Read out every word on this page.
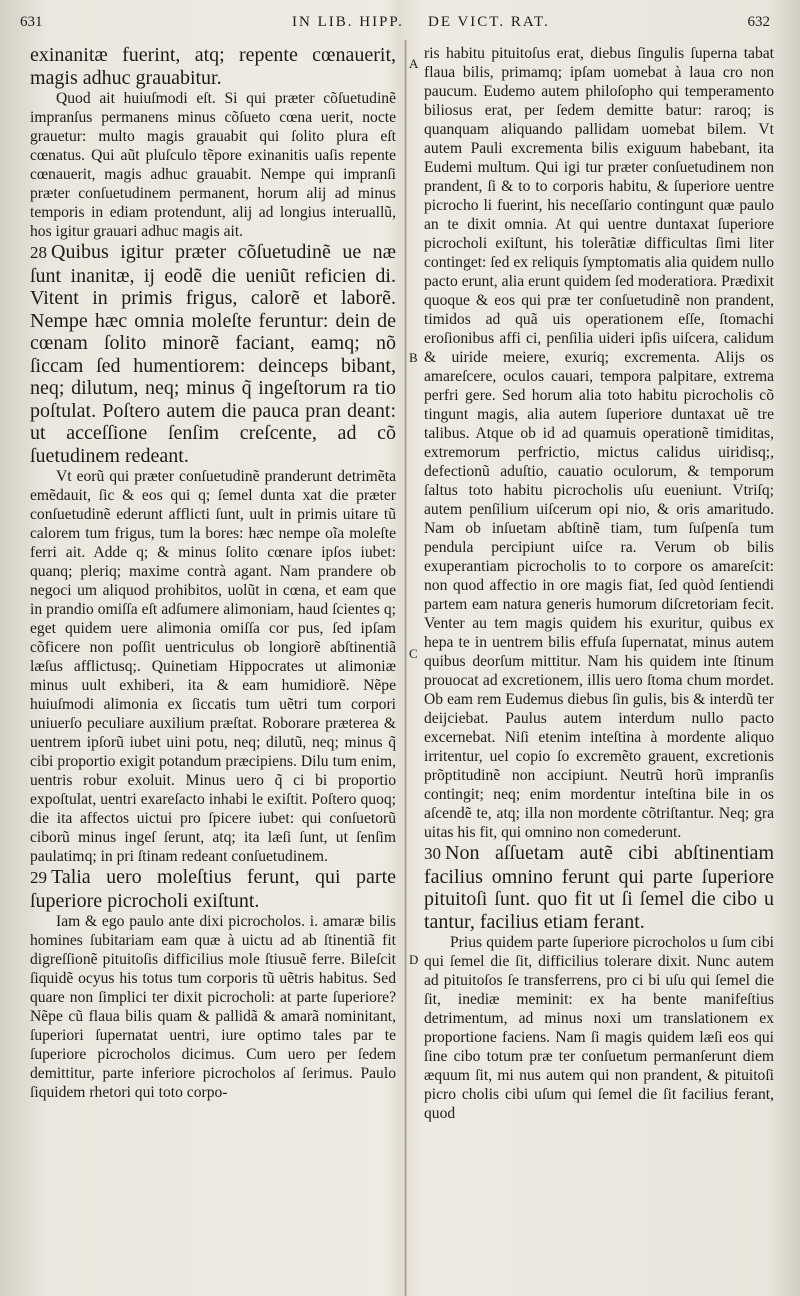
631	IN LIB. HIPP. DE VICT. RAT.	632
A
B
C
D

exinanitæ fuerint, atq; repente cœnauerit, magis adhuc grauabitur.

Quod ait huiuſmodi eſt. Si qui præter cõſuetudinẽ impranſus permanens minus cõſueto cœna uerit, nocte grauetur: multo magis grauabit qui ſolito plura eſt cœnatus. Qui aũt pluſculo tẽpore exinanitis uaſis repente cœnauerit, magis adhuc grauabit. Nempe qui impranſi præter conſuetudinem permanent, horum alij ad minus temporis in ediam protendunt, alij ad longius interuallũ, hos igitur grauari adhuc magis ait.

28 Quibus igitur præter cõſuetudinẽ ue næ ſunt inanitæ, ij eodẽ die ueniũt reficien di. Vitent in primis frigus, calorẽ et laborẽ. Nempe hæc omnia moleſte feruntur: dein de cœnam ſolito minorẽ faciant, eamq; nõ ſiccam ſed humentiorem: deinceps bibant, neq; dilutum, neq; minus q̃ ingeſtorum ra tio poſtulat. Poſtero autem die pauca pran deant: ut acceſſione ſenſim creſcente, ad cõ ſuetudinem redeant.

Vt eorũ qui præter conſuetudinẽ pranderunt detrimẽta emẽdauit, ſic & eos qui q; ſemel dunta xat die præter conſuetudinẽ ederunt afflicti ſunt, uult in primis uitare tũ calorem tum frigus, tum la bores: hæc nempe oĩa moleſte ferri ait. Adde q; & minus ſolito cœnare ipſos iubet: quanq; pleriq; maxime contrà agant. Nam prandere ob negoci um aliquod prohibitos, uolũt in cœna, et eam que in prandio omiſſa eſt adſumere alimoniam, haud ſcientes q; eget quidem uere alimonia omiſſa cor pus, ſed ipſam cõficere non poſſit uentriculus ob longiorẽ abſtinentiã læſus afflictusq;. Quinetiam Hippocrates ut alimoniæ minus uult exhiberi, ita & eam humidiorẽ. Nẽpe huiuſmodi alimonia ex ſiccatis tum uẽtri tum corpori uniuerſo peculiare auxilium præſtat. Roborare præterea & uentrem ipſorũ iubet uini potu, neq; dilutũ, neq; minus q̃ cibi proportio exigit potandum præcipiens. Dilu tum enim, uentris robur exoluit. Minus uero q̃ ci bi proportio expoſtulat, uentri exareſacto inhabi le exiſtit. Poſtero quoq; die ita affectos uictui pro ſpicere iubet: qui conſuetorũ ciborũ minus ingeſ ſerunt, atq; ita læſi ſunt, ut ſenſim paulatimq; in pri ſtinam redeant conſuetudinem.

29 Talia uero moleſtius ferunt, qui parte ſuperiore picrocholi exiſtunt.

Iam & ego paulo ante dixi picrocholos. i. amaræ bilis homines ſubitariam eam quæ à uictu ad ab ſtinentiã fit digreſſionẽ pituitoſis difficilius mole ſtiusuẽ ferre. Bileſcit ſiquidẽ ocyus his totus tum corporis tũ uẽtris habitus. Sed quare non ſimplici ter dixit picrocholi: at parte ſuperiore? Nẽpe cũ flaua bilis quam & pallidã & amarã nominitant, ſuperiori ſupernatat uentri, iure optimo tales par te ſuperiore picrocholos dicimus. Cum uero per ſedem demittitur, parte inferiore picrocholos aſ ſerimus. Paulo ſiquidem rhetori qui toto corpo-

ris habitu pituitoſus erat, diebus ſingulis ſuperna tabat flaua bilis, primamq; ipſam uomebat à laua cro non paucum. Eudemo autem philoſopho qui temperamento biliosus erat, per ſedem demitte batur: raroq; is quanquam aliquando pallidam uomebat bilem. Vt autem Pauli excrementa bilis exiguum habebant, ita Eudemi multum. Qui igi tur præter conſuetudinem non prandent, ſi & to to corporis habitu, & ſuperiore uentre picrocho li fuerint, his neceſſario contingunt quæ paulo an te dixit omnia. At qui uentre duntaxat ſuperiore picrocholi exiſtunt, his tolerãtiæ difficultas ſimi liter continget: ſed ex reliquis ſymptomatis alia quidem nullo pacto erunt, alia erunt quidem ſed moderatiora. Prædixit quoque & eos qui præ ter conſuetudinẽ non prandent, timidos ad quã uis operationem eſſe, ſtomachi eroſionibus affi ci, penſilia uideri ipſis uiſcera, calidum & uiride meiere, exuriq; excrementa. Alijs os amareſcere, oculos cauari, tempora palpitare, extrema perfri gere. Sed horum alia toto habitu picrocholis cõ tingunt magis, alia autem ſuperiore duntaxat uẽ tre talibus. Atque ob id ad quamuis operationẽ timiditas, extremorum perfrictio, mictus calidus uiridisq;, defectionũ aduſtio, cauatio oculorum, & temporum ſaltus toto habitu picrocholis uſu eueniunt. Vtriſq; autem penſilium uiſcerum opi nio, & oris amaritudo. Nam ob inſuetam abſtinẽ tiam, tum ſuſpenſa tum pendula percipiunt uiſce ra. Verum ob bilis exuperantiam picrocholis to to corpore os amareſcit: non quod affectio in ore magis fiat, ſed quòd ſentiendi partem eam natura generis humorum diſcretoriam fecit. Venter au tem magis quidem his exuritur, quibus ex hepa te in uentrem bilis effuſa ſupernatat, minus autem quibus deorſum mittitur. Nam his quidem inte ſtinum prouocat ad excretionem, illis uero ſtoma chum mordet. Ob eam rem Eudemus diebus ſin gulis, bis & interdũ ter deijciebat. Paulus autem interdum nullo pacto excernebat. Niſi etenim inteſtina à mordente aliquo irritentur, uel copio ſo excremẽto grauent, excretionis prõptitudinẽ non accipiunt. Neutrũ horũ impranſis contingit; neq; enim mordentur inteſtina bile in os aſcendẽ te, atq; illa non mordente cõtriſtantur. Neq; gra uitas his fit, qui omnino non comederunt.

30 Non aſſuetam autẽ cibi abſtinentiam facilius omnino ferunt qui parte ſuperiore pituitoſi ſunt. quo fit ut ſi ſemel die cibo u tantur, facilius etiam ferant.

Prius quidem parte ſuperiore picrocholos u ſum cibi qui ſemel die ſit, difficilius tolerare dixit. Nunc autem ad pituitoſos ſe transferrens, pro ci bi uſu qui ſemel die ſit, inediæ meminit: ex ha bente manifeſtius detrimentum, ad minus noxi um translationem ex proportione faciens. Nam ſi magis quidem læſi eos qui ſine cibo totum præ ter conſuetum permanſerunt diem æquum ſit, mi nus autem qui non prandent, & pituitoſi picro cholis cibi uſum qui ſemel die ſit facilius ferant, quod
